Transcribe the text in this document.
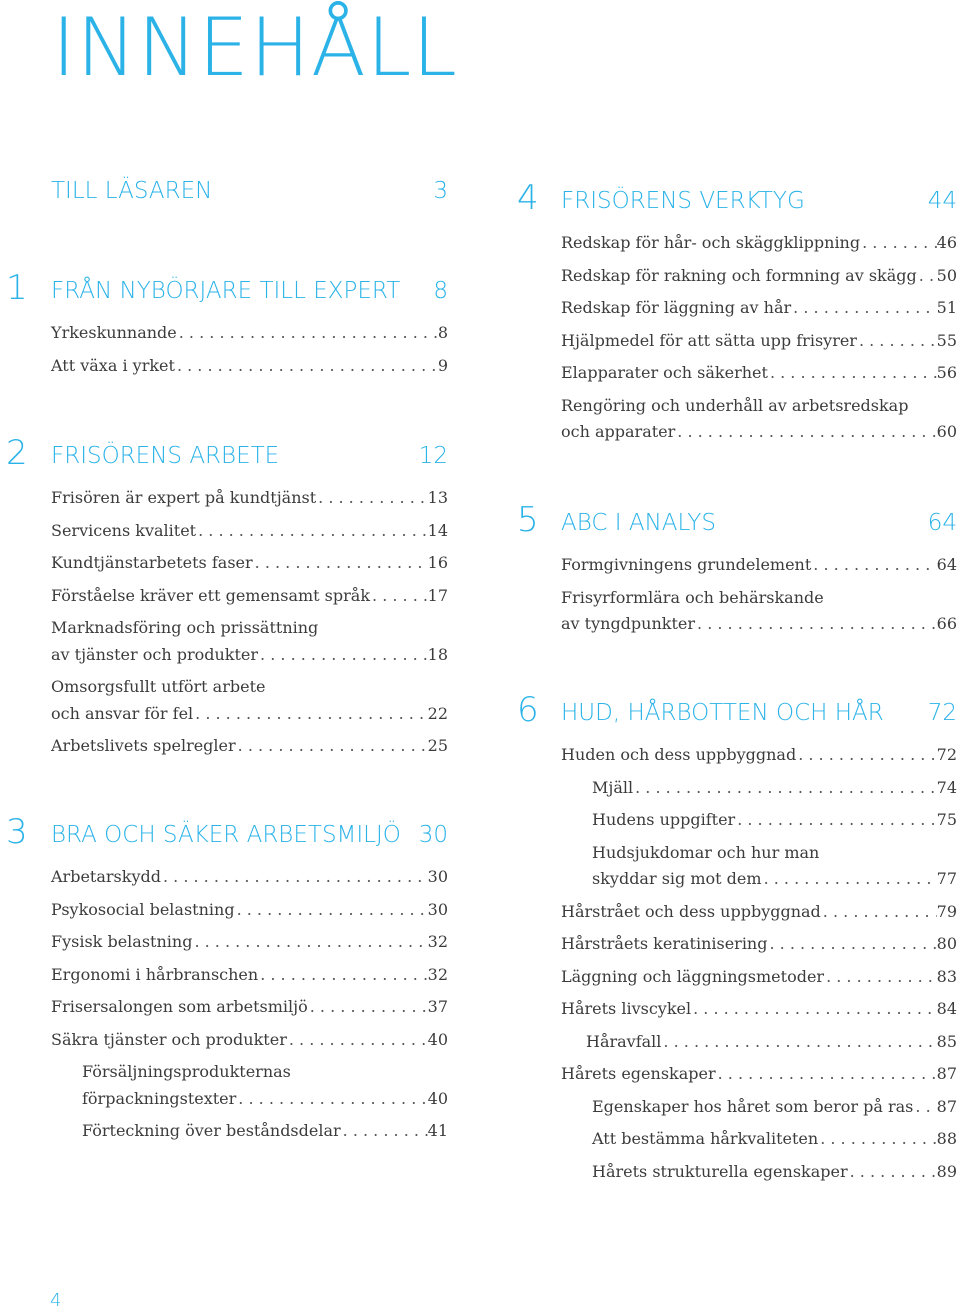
INNEHÅLL
TILL LÄSAREN	3
1 FRÅN NYBÖRJARE TILL EXPERT 8
Yrkeskunnande . . .	8
Att växa i yrket . . .	9
2 FRISÖRENS ARBETE	12
Frisören är expert på kundtjänst . . .	13
Servicens kvalitet . . .	14
Kundtjänstarbetets faser . . .	16
Förståelse kräver ett gemensamt språk . . .	17
Marknadsföring och prissättning
av tjänster och produkter . . .	18
Omsorgsfullt utfört arbete
och ansvar för fel . . .	22
Arbetslivets spelregler . . .	25
3 BRA OCH SÄKER ARBETSMILJÖ 30
Arbetarskydd . . .	30
Psykosocial belastning . . .	30
Fysisk belastning . . .	32
Ergonomi i hårbranschen . . .	32
Frisersalongen som arbetsmiljö . . .	37
Säkra tjänster och produkter . . .	40
Försäljningsprodukternas
förpackningstexter . . .	40
Förteckning över beståndsdelar . . .	41
4 FRISÖRENS VERKTYG	44
Redskap för hår- och skäggklippning . . .	46
Redskap för rakning och formning av skägg . . . 50
Redskap för läggning av hår . . .	51
Hjälpmedel för att sätta upp frisyrer . . .	55
Elapparater och säkerhet . . .	56
Rengöring och underhåll av arbetsredskap
och apparater . . .	60
5 ABC I ANALYS	64
Formgivningens grundelement . . .	64
Frisyrformlära och behärskande
av tyngdpunkter . . .	66
6 HUD, HÅRBOTTEN OCH HÅR 72
Huden och dess uppbyggnad . . .	72
Mjäll . . .	74
Hudens uppgifter . . .	75
Hudsjukdomar och hur man
skyddar sig mot dem . . .	77
Hårstrået och dess uppbyggnad . . .	79
Hårstråets keratinisering . . .	80
Läggning och läggningsmetoder . . .	83
Hårets livscykel . . .	84
Håravfall . . .	85
Hårets egenskaper . . .	87
Egenskaper hos håret som beror på ras . . . 87
Att bestämma hårkvaliteten . . .	88
Hårets strukturella egenskaper . . .	89
4
